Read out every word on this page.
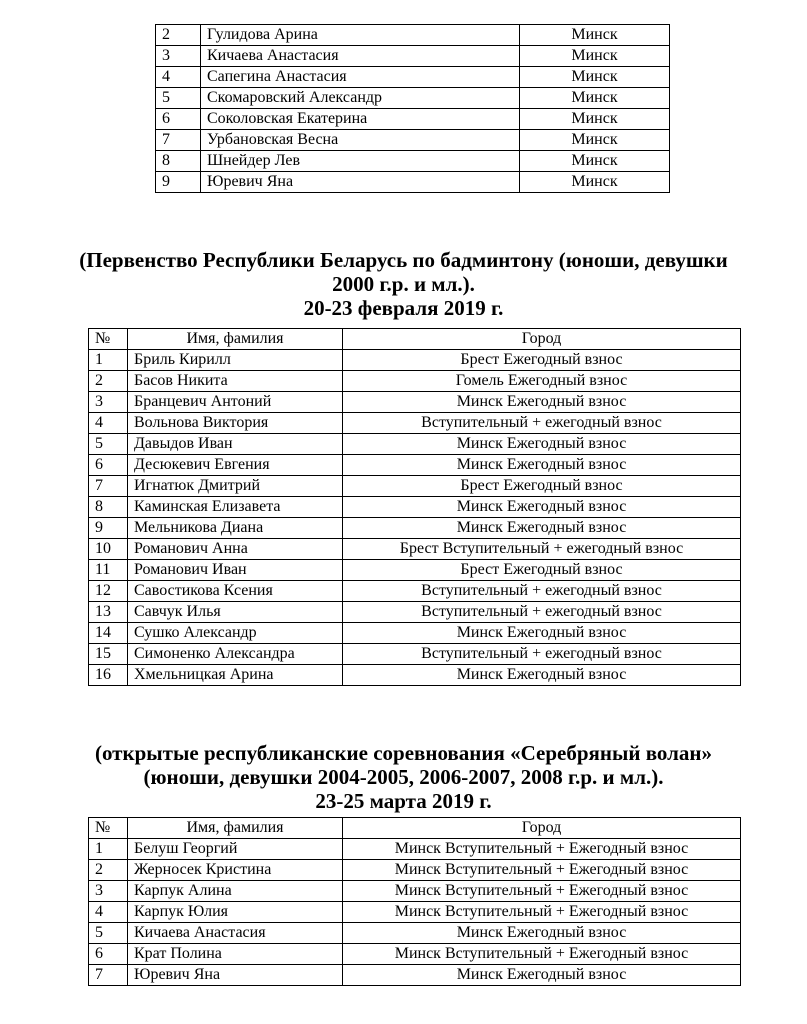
2	Гулидова Арина	Минск
3	Кичаева Анастасия	Минск
4	Сапегина Анастасия	Минск
5	Скомаровский Александр	Минск
6	Соколовская Екатерина	Минск
7	Урбановская Весна	Минск
8	Шнейдер Лев	Минск
9	Юревич Яна	Минск
(Первенство Республики Беларусь по бадминтону (юноши, девушки
2000 г.р. и мл.).
20-23 февраля 2019 г.
№	Имя, фамилия	Город
1	Бриль Кирилл	Брест Ежегодный взнос
2	Басов Никита	Гомель Ежегодный взнос
3	Бранцевич Антоний	Минск Ежегодный взнос
4	Вольнова Виктория	Вступительный + ежегодный взнос
5	Давыдов Иван	Минск Ежегодный взнос
6	Десюкевич Евгения	Минск Ежегодный взнос
7	Игнатюк Дмитрий	Брест Ежегодный взнос
8	Каминская Елизавета	Минск Ежегодный взнос
9	Мельникова Диана	Минск Ежегодный взнос
10	Романович Анна	Брест Вступительный + ежегодный взнос
11	Романович Иван	Брест Ежегодный взнос
12	Савостикова Ксения	Вступительный + ежегодный взнос
13	Савчук Илья	Вступительный + ежегодный взнос
14	Сушко Александр	Минск Ежегодный взнос
15	Симоненко Александра	Вступительный + ежегодный взнос
16	Хмельницкая Арина	Минск Ежегодный взнос
(открытые республиканские соревнования «Серебряный волан»
(юноши, девушки 2004-2005, 2006-2007, 2008 г.р. и мл.).
23-25 марта 2019 г.
№	Имя, фамилия	Город
1	Белуш Георгий	Минск Вступительный + Ежегодный взнос
2	Жерносек Кристина	Минск Вступительный + Ежегодный взнос
3	Карпук Алина	Минск Вступительный + Ежегодный взнос
4	Карпук Юлия	Минск Вступительный + Ежегодный взнос
5	Кичаева Анастасия	Минск Ежегодный взнос
6	Крат Полина	Минск Вступительный + Ежегодный взнос
7	Юревич Яна	Минск Ежегодный взнос
